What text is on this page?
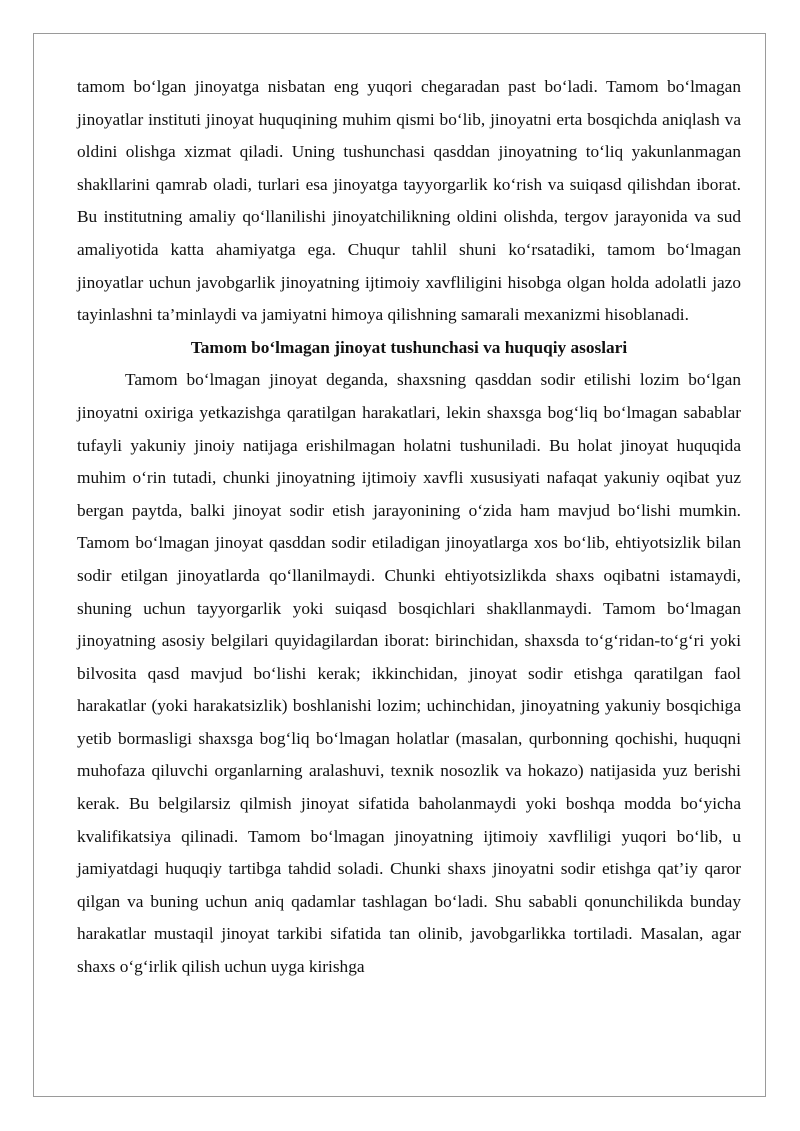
tamom bo‘lgan jinoyatga nisbatan eng yuqori chegaradan past bo‘ladi. Tamom bo‘lmagan jinoyatlar instituti jinoyat huquqining muhim qismi bo‘lib, jinoyatni erta bosqichda aniqlash va oldini olishga xizmat qiladi. Uning tushunchasi qasddan jinoyatning to‘liq yakunlanmagan shakllarini qamrab oladi, turlari esa jinoyatga tayyorgarlik ko‘rish va suiqasd qilishdan iborat. Bu institutning amaliy qo‘llanilishi jinoyatchilikning oldini olishda, tergov jarayonida va sud amaliyotida katta ahamiyatga ega. Chuqur tahlil shuni ko‘rsatadiki, tamom bo‘lmagan jinoyatlar uchun javobgarlik jinoyatning ijtimoiy xavfliligini hisobga olgan holda adolatli jazo tayinlashni ta’minlaydi va jamiyatni himoya qilishning samarali mexanizmi hisoblanadi.

Tamom bo‘lmagan jinoyat tushunchasi va huquqiy asoslari

Tamom bo‘lmagan jinoyat deganda, shaxsning qasddan sodir etilishi lozim bo‘lgan jinoyatni oxiriga yetkazishga qaratilgan harakatlari, lekin shaxsga bog‘liq bo‘lmagan sabablar tufayli yakuniy jinoiy natijaga erishilmagan holatni tushuniladi. Bu holat jinoyat huquqida muhim o‘rin tutadi, chunki jinoyatning ijtimoiy xavfli xususiyati nafaqat yakuniy oqibat yuz bergan paytda, balki jinoyat sodir etish jarayonining o‘zida ham mavjud bo‘lishi mumkin. Tamom bo‘lmagan jinoyat qasddan sodir etiladigan jinoyatlarga xos bo‘lib, ehtiyotsizlik bilan sodir etilgan jinoyatlarda qo‘llanilmaydi. Chunki ehtiyotsizlikda shaxs oqibatni istamaydi, shuning uchun tayyorgarlik yoki suiqasd bosqichlari shakllanmaydi. Tamom bo‘lmagan jinoyatning asosiy belgilari quyidagilardan iborat: birinchidan, shaxsda to‘g‘ridan-to‘g‘ri yoki bilvosita qasd mavjud bo‘lishi kerak; ikkinchidan, jinoyat sodir etishga qaratilgan faol harakatlar (yoki harakatsizlik) boshlanishi lozim; uchinchidan, jinoyatning yakuniy bosqichiga yetib bormasligi shaxsga bog‘liq bo‘lmagan holatlar (masalan, qurbonning qochishi, huquqni muhofaza qiluvchi organlarning aralashuvi, texnik nosozlik va hokazo) natijasida yuz berishi kerak. Bu belgilarsiz qilmish jinoyat sifatida baholanmaydi yoki boshqa modda bo‘yicha kvalifikatsiya qilinadi. Tamom bo‘lmagan jinoyatning ijtimoiy xavfliligi yuqori bo‘lib, u jamiyatdagi huquqiy tartibga tahdid soladi. Chunki shaxs jinoyatni sodir etishga qat’iy qaror qilgan va buning uchun aniq qadamlar tashlagan bo‘ladi. Shu sababli qonunchilikda bunday harakatlar mustaqil jinoyat tarkibi sifatida tan olinib, javobgarlikka tortiladi. Masalan, agar shaxs o‘g‘irlik qilish uchun uyga kirishga
